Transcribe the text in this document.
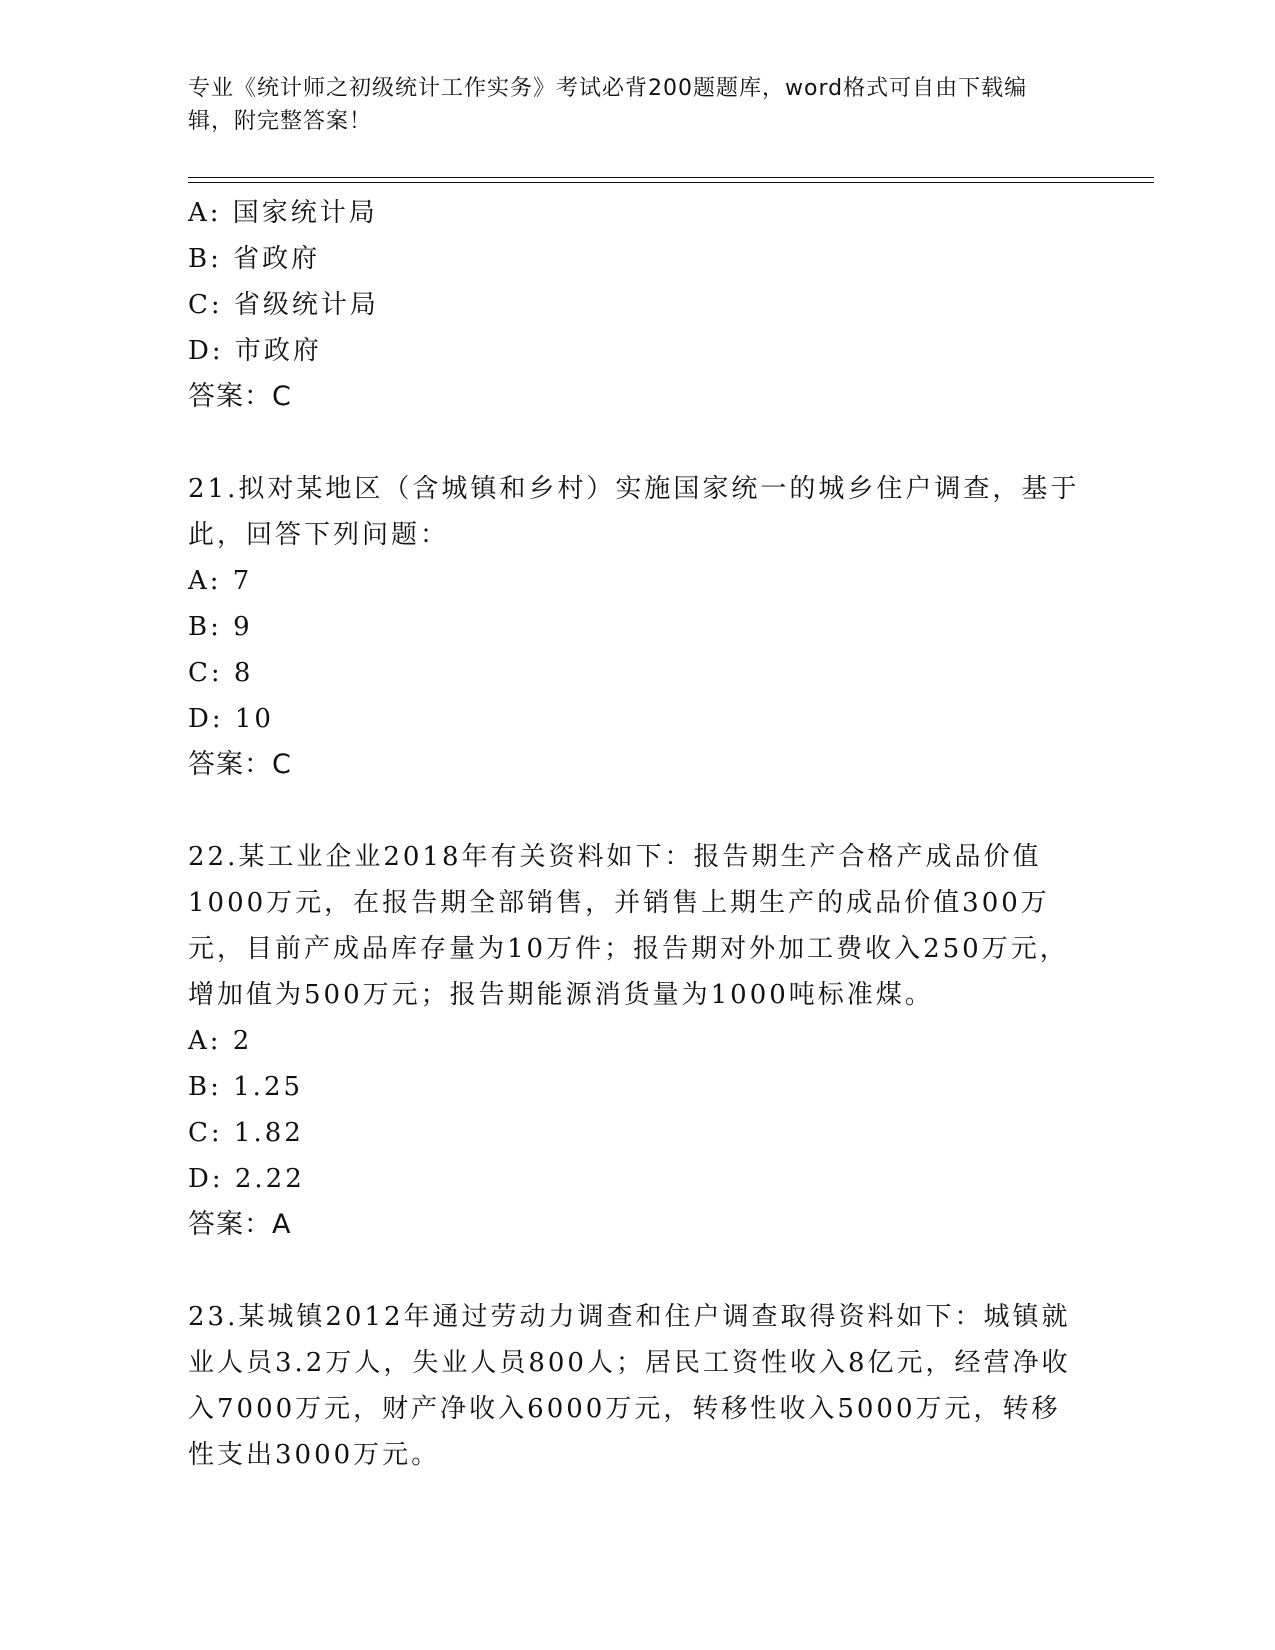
专业《统计师之初级统计工作实务》考试必背200题题库，word格式可自由下载编辑，附完整答案！
A: 国家统计局
B: 省政府
C: 省级统计局
D: 市政府
答案：C
21.拟对某地区（含城镇和乡村）实施国家统一的城乡住户调查，基于此，回答下列问题：
A: 7
B: 9
C: 8
D: 10
答案：C
22.某工业企业2018年有关资料如下：报告期生产合格产成品价值1000万元，在报告期全部销售，并销售上期生产的成品价值300万元，目前产成品库存量为10万件；报告期对外加工费收入250万元，增加值为500万元；报告期能源消货量为1000吨标准煤。
A: 2
B: 1.25
C: 1.82
D: 2.22
答案：A
23.某城镇2012年通过劳动力调查和住户调查取得资料如下：城镇就业人员3.2万人，失业人员800人；居民工资性收入8亿元，经营净收入7000万元，财产净收入6000万元，转移性收入5000万元，转移性支出3000万元。
